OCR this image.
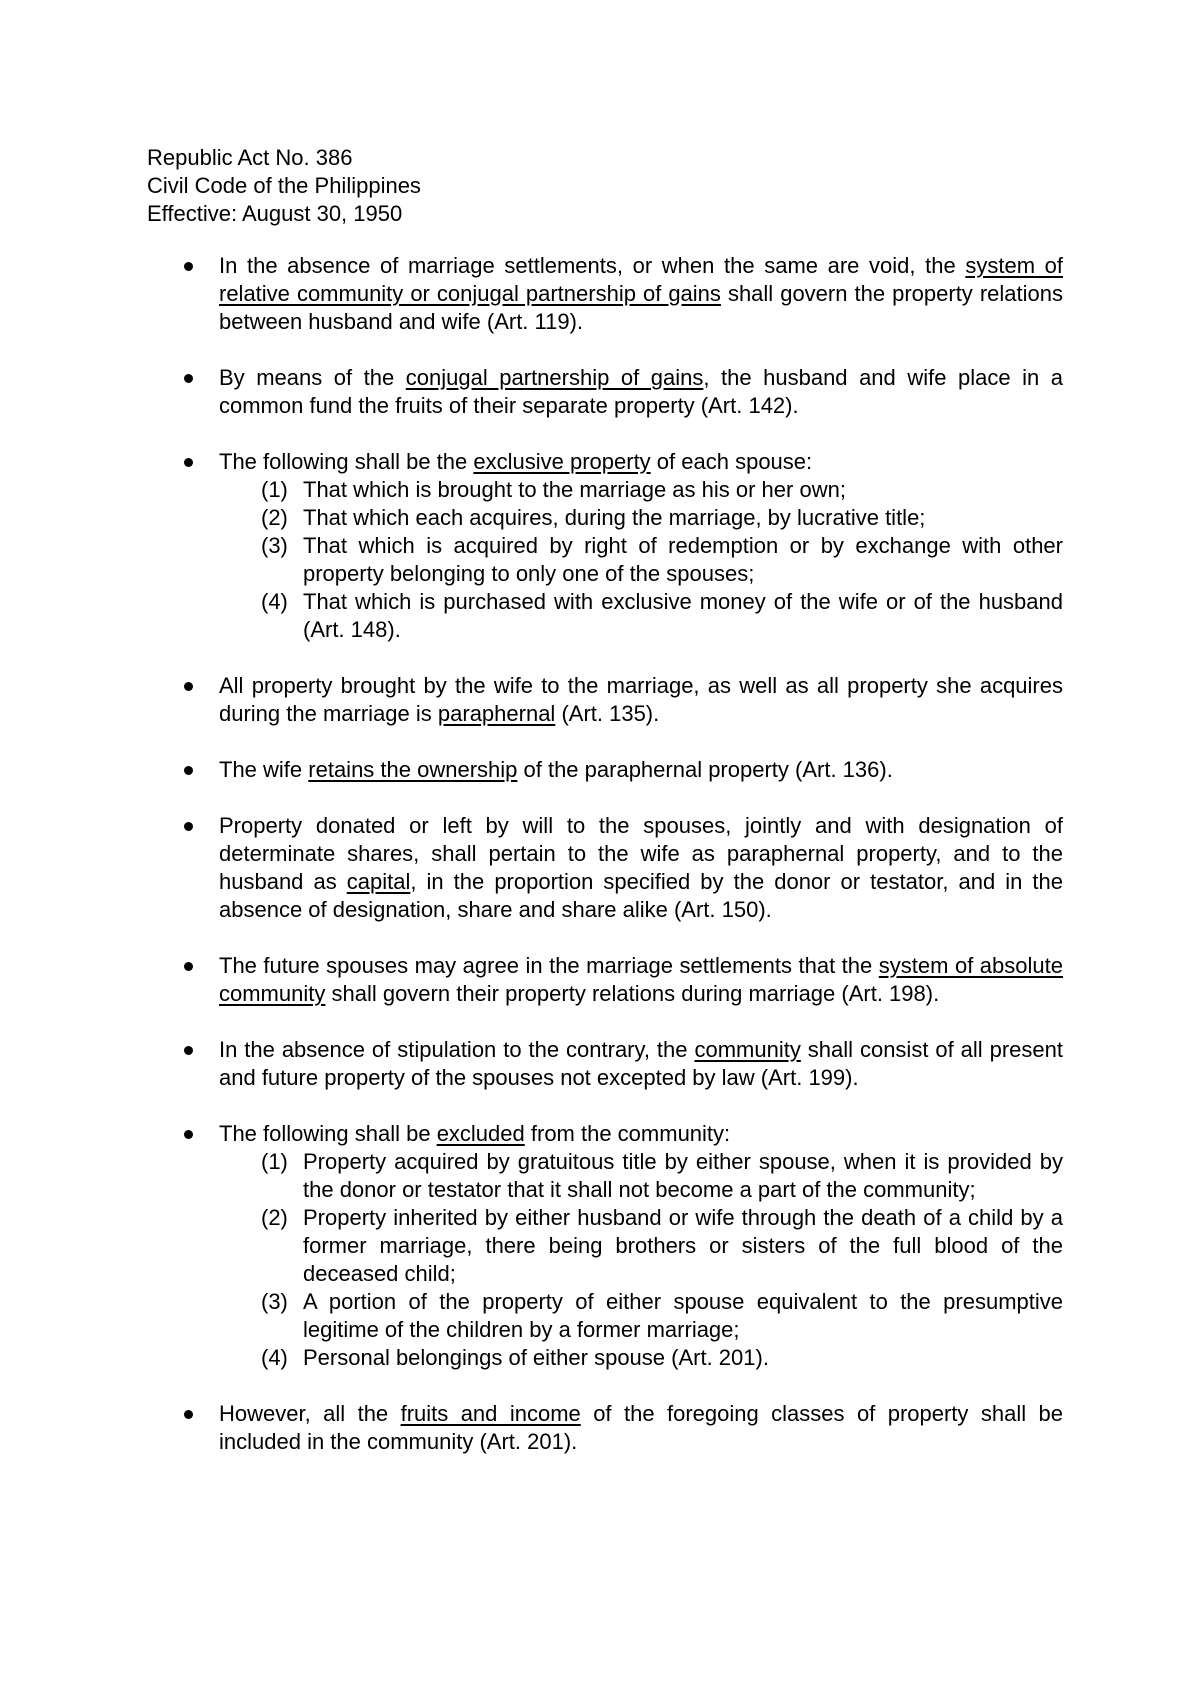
Republic Act No. 386

Civil Code of the Philippines

Effective: August 30, 1950

In the absence of marriage settlements, or when the same are void, the system of relative community or conjugal partnership of gains shall govern the property relations between husband and wife (Art. 119).
By means of the conjugal partnership of gains, the husband and wife place in a common fund the fruits of their separate property (Art. 142).
The following shall be the exclusive property of each spouse:
(1) That which is brought to the marriage as his or her own;
(2) That which each acquires, during the marriage, by lucrative title;
(3) That which is acquired by right of redemption or by exchange with other property belonging to only one of the spouses;
(4) That which is purchased with exclusive money of the wife or of the husband (Art. 148).
All property brought by the wife to the marriage, as well as all property she acquires during the marriage is paraphernal (Art. 135).
The wife retains the ownership of the paraphernal property (Art. 136).
Property donated or left by will to the spouses, jointly and with designation of determinate shares, shall pertain to the wife as paraphernal property, and to the husband as capital, in the proportion specified by the donor or testator, and in the absence of designation, share and share alike (Art. 150).
The future spouses may agree in the marriage settlements that the system of absolute community shall govern their property relations during marriage (Art. 198).
In the absence of stipulation to the contrary, the community shall consist of all present and future property of the spouses not excepted by law (Art. 199).
The following shall be excluded from the community:
(1) Property acquired by gratuitous title by either spouse, when it is provided by the donor or testator that it shall not become a part of the community;
(2) Property inherited by either husband or wife through the death of a child by a former marriage, there being brothers or sisters of the full blood of the deceased child;
(3) A portion of the property of either spouse equivalent to the presumptive legitime of the children by a former marriage;
(4) Personal belongings of either spouse (Art. 201).
However, all the fruits and income of the foregoing classes of property shall be included in the community (Art. 201).
